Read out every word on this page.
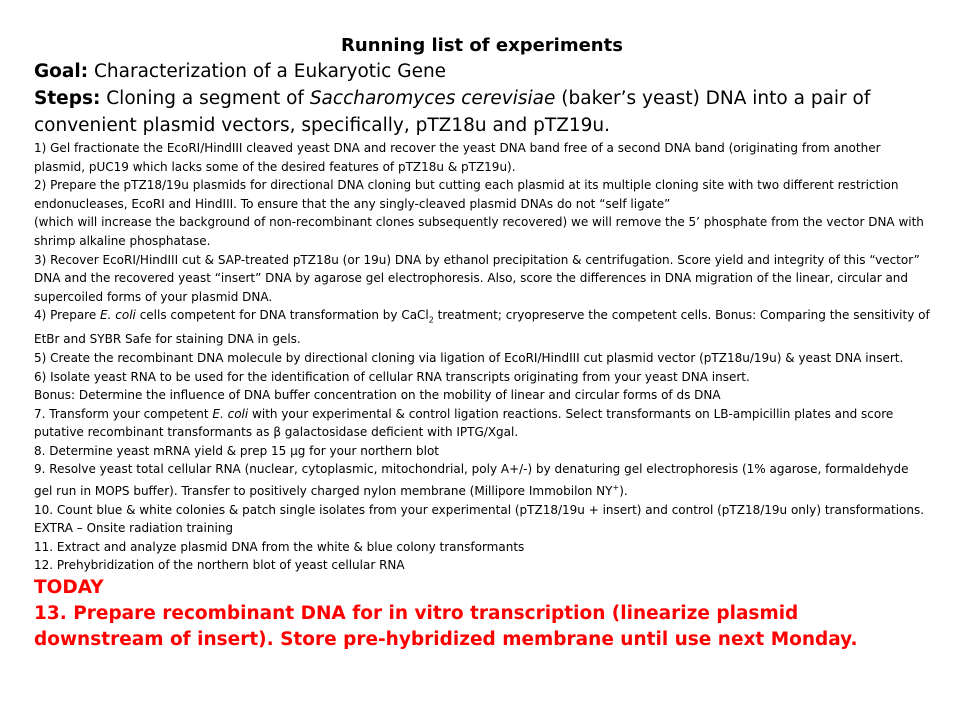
Running list of experiments

Goal: Characterization of a Eukaryotic Gene

Steps: Cloning a segment of Saccharomyces cerevisiae (baker’s yeast) DNA into a pair of convenient plasmid vectors, specifically, pTZ18u and pTZ19u.

1) Gel fractionate the EcoRI/HindIII cleaved yeast DNA and recover the yeast DNA band free of a second DNA band (originating from another plasmid, pUC19 which lacks some of the desired features of pTZ18u & pTZ19u).

2) Prepare the pTZ18/19u plasmids for directional DNA cloning but cutting each plasmid at its multiple cloning site with two different restriction endonucleases, EcoRI and HindIII. To ensure that the any singly-cleaved plasmid DNAs do not “self ligate”

(which will increase the background of non-recombinant clones subsequently recovered) we will remove the 5’ phosphate from the vector DNA with shrimp alkaline phosphatase.

3) Recover EcoRI/HindIII cut & SAP-treated pTZ18u (or 19u) DNA by ethanol precipitation & centrifugation. Score yield and integrity of this “vector” DNA and the recovered yeast “insert” DNA by agarose gel electrophoresis. Also, score the differences in DNA migration of the linear, circular and supercoiled forms of your plasmid DNA.

4) Prepare E. coli cells competent for DNA transformation by CaCl$_2$ treatment; cryopreserve the competent cells. Bonus: Comparing the sensitivity of EtBr and SYBR Safe for staining DNA in gels.

5) Create the recombinant DNA molecule by directional cloning via ligation of EcoRI/HindIII cut plasmid vector (pTZ18u/19u) & yeast DNA insert.

6) Isolate yeast RNA to be used for the identification of cellular RNA transcripts originating from your yeast DNA insert.

Bonus: Determine the influence of DNA buffer concentration on the mobility of linear and circular forms of ds DNA

7. Transform your competent E. coli with your experimental & control ligation reactions. Select transformants on LB-ampicillin plates and score putative recombinant transformants as β galactosidase deficient with IPTG/Xgal.

8. Determine yeast mRNA yield & prep 15 μg for your northern blot

9. Resolve yeast total cellular RNA (nuclear, cytoplasmic, mitochondrial, poly A+/-) by denaturing gel electrophoresis (1% agarose, formaldehyde gel run in MOPS buffer). Transfer to positively charged nylon membrane (Millipore Immobilon NY+).

10. Count blue & white colonies & patch single isolates from your experimental (pTZ18/19u + insert) and control (pTZ18/19u only) transformations. EXTRA – Onsite radiation training

11. Extract and analyze plasmid DNA from the white & blue colony transformants

12. Prehybridization of the northern blot of yeast cellular RNA

TODAY

13. Prepare recombinant DNA for in vitro transcription (linearize plasmid downstream of insert). Store pre-hybridized membrane until use next Monday.
